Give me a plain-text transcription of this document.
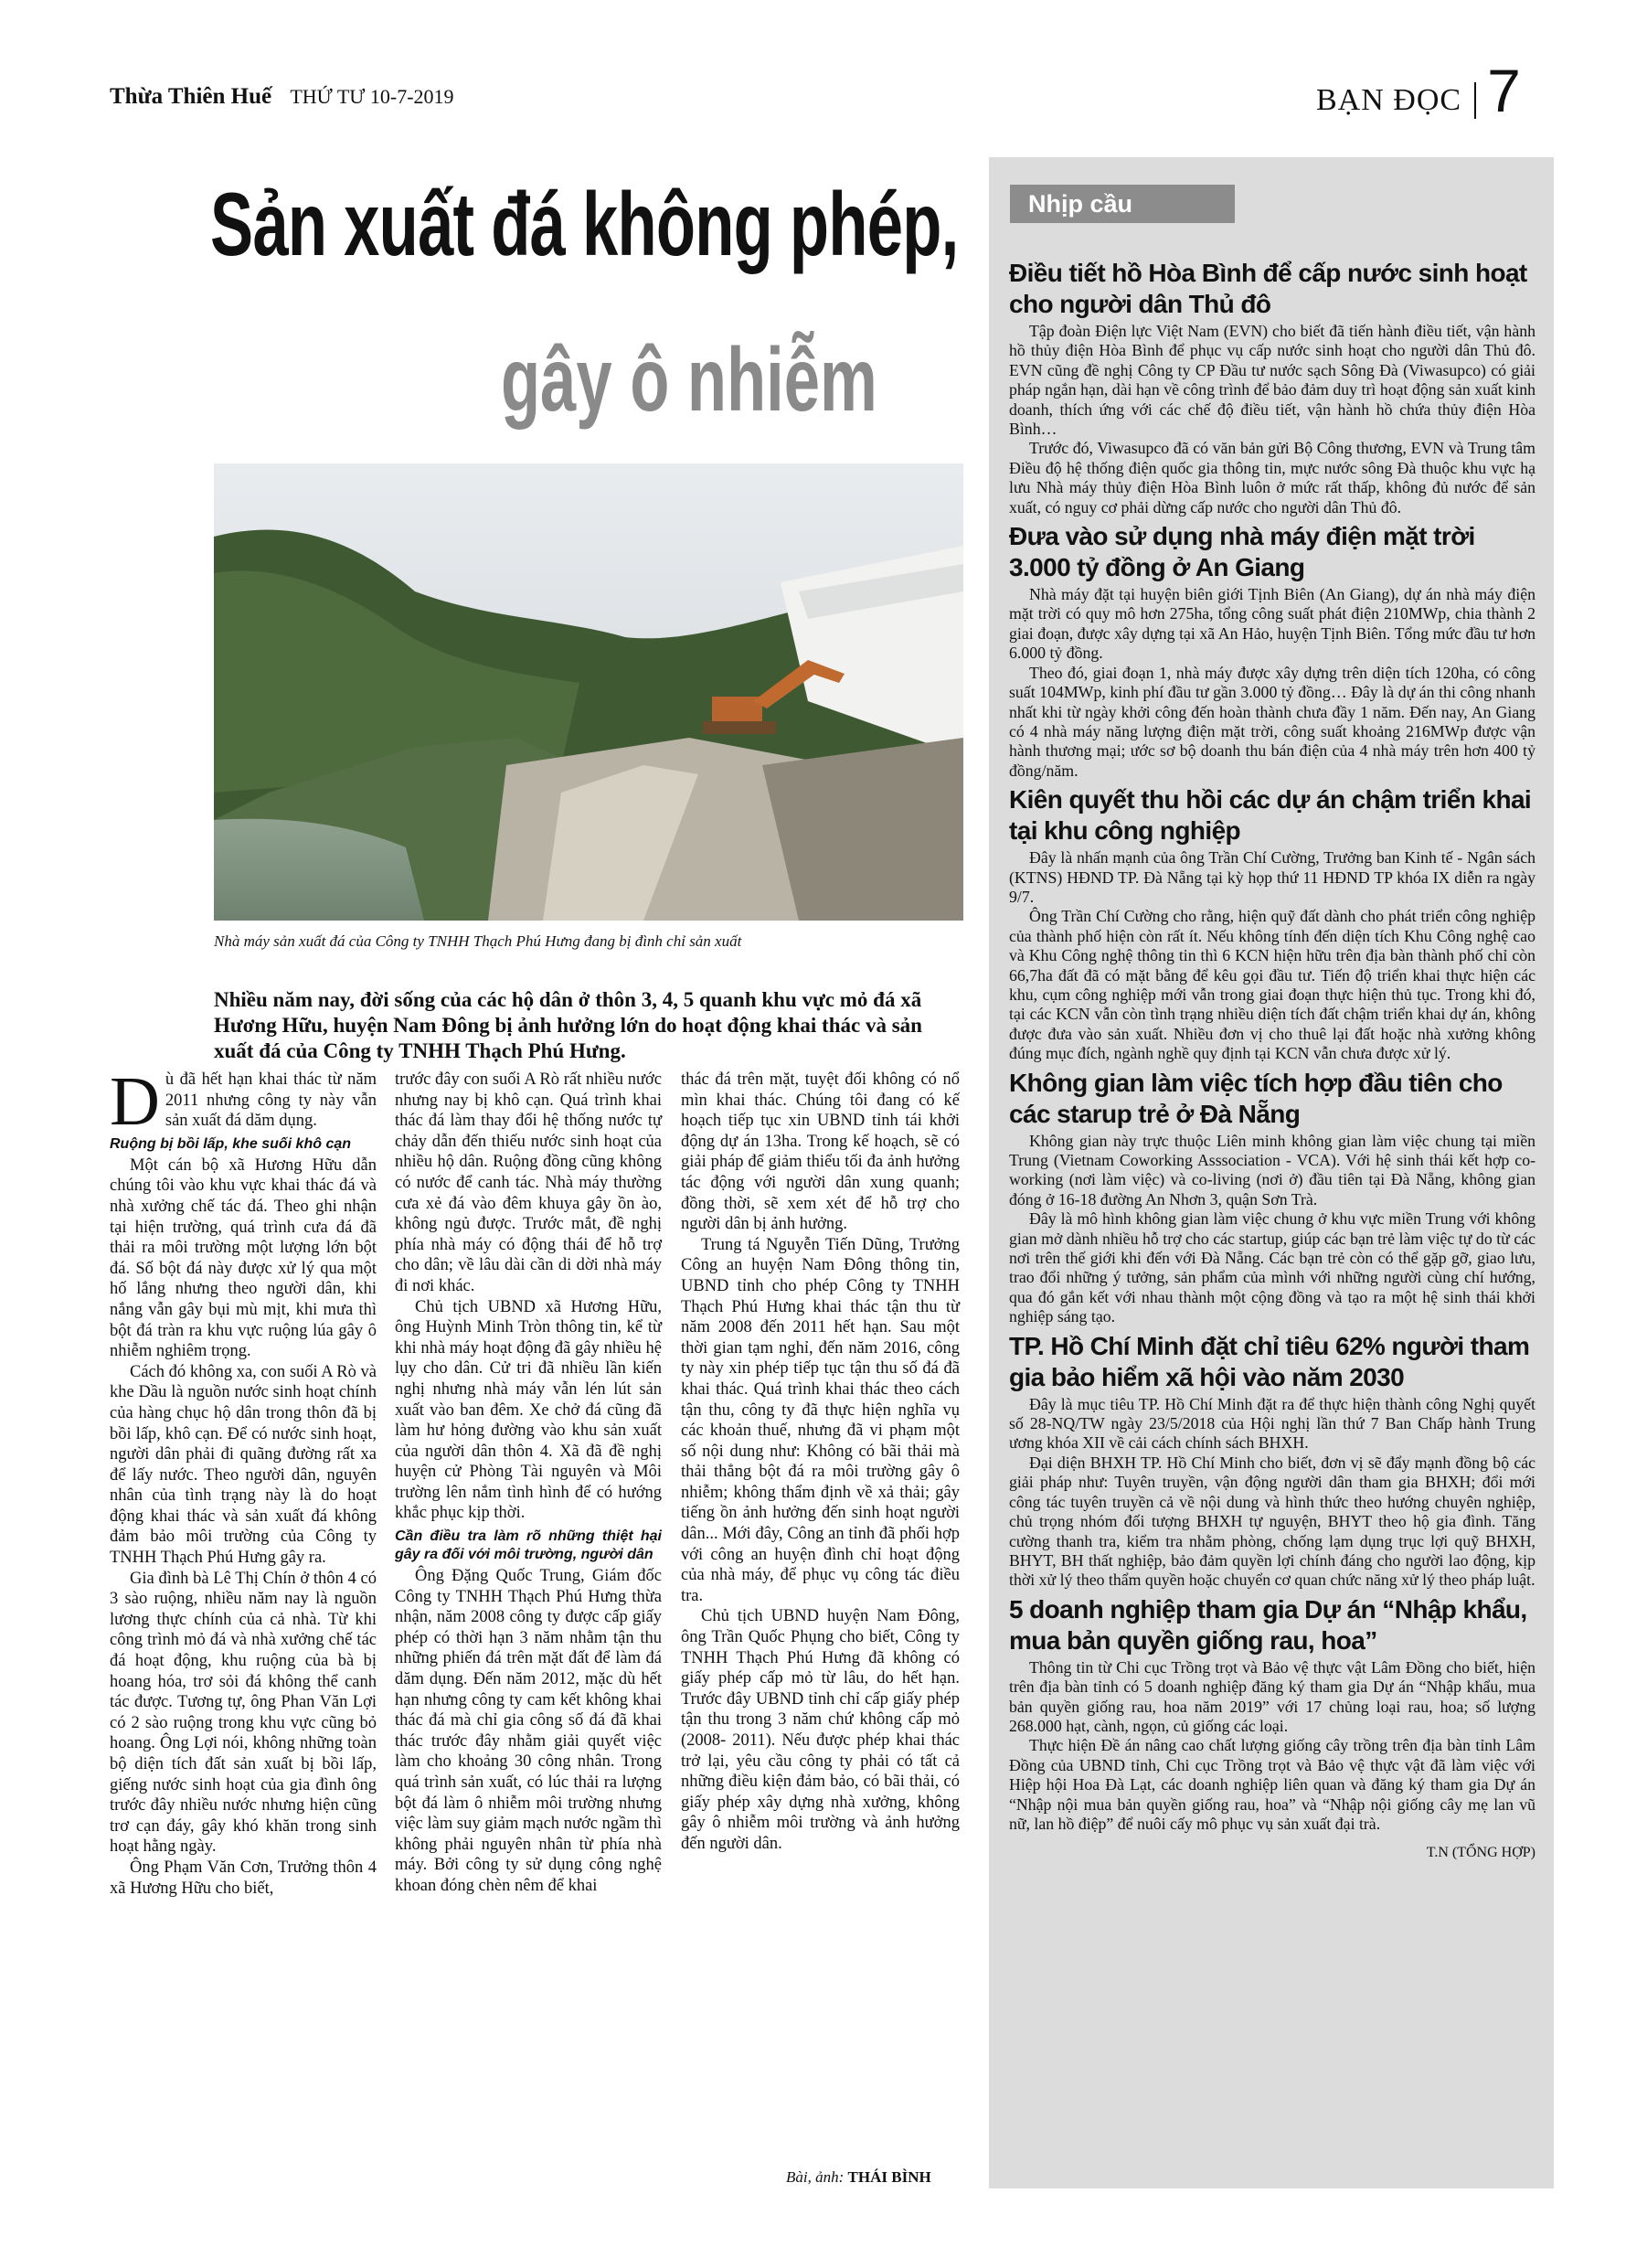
Thừa Thiên Huế THỨ TƯ 10-7-2019	BẠN ĐỌC 7
Sản xuất đá không phép,
gây ô nhiễm
Nhà máy sản xuất đá của Công ty TNHH Thạch Phú Hưng đang bị đình chỉ sản xuất
Nhiều năm nay, đời sống của các hộ dân ở thôn 3, 4, 5 quanh khu vực mỏ đá xã Hương Hữu, huyện Nam Đông bị ảnh hưởng lớn do hoạt động khai thác và sản xuất đá của Công ty TNHH Thạch Phú Hưng.
D ù đã hết hạn khai thác từ năm 2011 nhưng công ty này vẫn sản xuất đá dăm dụng.

Ruộng bị bồi lấp, khe suối khô cạn

Một cán bộ xã Hương Hữu dẫn chúng tôi vào khu vực khai thác đá và nhà xưởng chế tác đá. Theo ghi nhận tại hiện trường, quá trình cưa đá đã thải ra môi trường một lượng lớn bột đá. Số bột đá này được xử lý qua một hố lắng nhưng theo người dân, khi nắng vẫn gây bụi mù mịt, khi mưa thì bột đá tràn ra khu vực ruộng lúa gây ô nhiễm nghiêm trọng.

Cách đó không xa, con suối A Rò và khe Dầu là nguồn nước sinh hoạt chính của hàng chục hộ dân trong thôn đã bị bồi lấp, khô cạn. Để có nước sinh hoạt, người dân phải đi quãng đường rất xa để lấy nước. Theo người dân, nguyên nhân của tình trạng này là do hoạt động khai thác và sản xuất đá không đảm bảo môi trường của Công ty TNHH Thạch Phú Hưng gây ra.

Gia đình bà Lê Thị Chín ở thôn 4 có 3 sào ruộng, nhiều năm nay là nguồn lương thực chính của cả nhà. Từ khi công trình mỏ đá và nhà xưởng chế tác đá hoạt động, khu ruộng của bà bị hoang hóa, trơ sỏi đá không thể canh tác được. Tương tự, ông Phan Văn Lợi có 2 sào ruộng trong khu vực cũng bỏ hoang. Ông Lợi nói, không những toàn bộ diện tích đất sản xuất bị bồi lấp, giếng nước sinh hoạt của gia đình ông trước đây nhiều nước nhưng hiện cũng trơ cạn đáy, gây khó khăn trong sinh hoạt hằng ngày.

Ông Phạm Văn Cơn, Trưởng thôn 4 xã Hương Hữu cho biết,

trước đây con suối A Rò rất nhiều nước nhưng nay bị khô cạn. Quá trình khai thác đá làm thay đổi hệ thống nước tự chảy dẫn đến thiếu nước sinh hoạt của nhiều hộ dân. Ruộng đồng cũng không có nước để canh tác. Nhà máy thường cưa xẻ đá vào đêm khuya gây ồn ào, không ngủ được. Trước mắt, đề nghị phía nhà máy có động thái để hỗ trợ cho dân; về lâu dài cần di dời nhà máy đi nơi khác.

Chủ tịch UBND xã Hương Hữu, ông Huỳnh Minh Tròn thông tin, kể từ khi nhà máy hoạt động đã gây nhiều hệ lụy cho dân. Cử tri đã nhiều lần kiến nghị nhưng nhà máy vẫn lén lút sản xuất vào ban đêm. Xe chở đá cũng đã làm hư hỏng đường vào khu sản xuất của người dân thôn 4. Xã đã đề nghị huyện cử Phòng Tài nguyên và Môi trường lên nắm tình hình để có hướng khắc phục kịp thời.

Cần điều tra làm rõ những thiệt hại gây ra đối với môi trường, người dân

Ông Đặng Quốc Trung, Giám đốc Công ty TNHH Thạch Phú Hưng thừa nhận, năm 2008 công ty được cấp giấy phép có thời hạn 3 năm nhằm tận thu những phiến đá trên mặt đất để làm đá dăm dụng. Đến năm 2012, mặc dù hết hạn nhưng công ty cam kết không khai thác đá mà chỉ gia công số đá đã khai thác trước đây nhằm giải quyết việc làm cho khoảng 30 công nhân. Trong quá trình sản xuất, có lúc thải ra lượng bột đá làm ô nhiễm môi trường nhưng việc làm suy giảm mạch nước ngầm thì không phải nguyên nhân từ phía nhà máy. Bởi công ty sử dụng công nghệ khoan đóng chèn nêm để khai

thác đá trên mặt, tuyệt đối không có nổ mìn khai thác. Chúng tôi đang có kế hoạch tiếp tục xin UBND tỉnh tái khởi động dự án 13ha. Trong kế hoạch, sẽ có giải pháp để giảm thiểu tối đa ảnh hưởng tác động với người dân xung quanh; đồng thời, sẽ xem xét để hỗ trợ cho người dân bị ảnh hưởng.

Trung tá Nguyễn Tiến Dũng, Trưởng Công an huyện Nam Đông thông tin, UBND tỉnh cho phép Công ty TNHH Thạch Phú Hưng khai thác tận thu từ năm 2008 đến 2011 hết hạn. Sau một thời gian tạm nghỉ, đến năm 2016, công ty này xin phép tiếp tục tận thu số đá đã khai thác. Quá trình khai thác theo cách tận thu, công ty đã thực hiện nghĩa vụ các khoản thuế, nhưng đã vi phạm một số nội dung như: Không có bãi thải mà thải thẳng bột đá ra môi trường gây ô nhiễm; không thẩm định về xả thải; gây tiếng ồn ảnh hưởng đến sinh hoạt người dân... Mới đây, Công an tỉnh đã phối hợp với công an huyện đình chỉ hoạt động của nhà máy, để phục vụ công tác điều tra.

Chủ tịch UBND huyện Nam Đông, ông Trần Quốc Phụng cho biết, Công ty TNHH Thạch Phú Hưng đã không có giấy phép cấp mỏ từ lâu, do hết hạn. Trước đây UBND tỉnh chỉ cấp giấy phép tận thu trong 3 năm chứ không cấp mỏ (2008- 2011). Nếu được phép khai thác trở lại, yêu cầu công ty phải có tất cả những điều kiện đảm bảo, có bãi thải, có giấy phép xây dựng nhà xưởng, không gây ô nhiễm môi trường và ảnh hưởng đến người dân.

Bài, ảnh: THÁI BÌNH
Nhịp cầu
Điều tiết hồ Hòa Bình để cấp nước sinh hoạt cho người dân Thủ đô

Tập đoàn Điện lực Việt Nam (EVN) cho biết đã tiến hành điều tiết, vận hành hồ thủy điện Hòa Bình để phục vụ cấp nước sinh hoạt cho người dân Thủ đô. EVN cũng đề nghị Công ty CP Đầu tư nước sạch Sông Đà (Viwasupco) có giải pháp ngắn hạn, dài hạn về công trình để bảo đảm duy trì hoạt động sản xuất kinh doanh, thích ứng với các chế độ điều tiết, vận hành hồ chứa thủy điện Hòa Bình…

Trước đó, Viwasupco đã có văn bản gửi Bộ Công thương, EVN và Trung tâm Điều độ hệ thống điện quốc gia thông tin, mực nước sông Đà thuộc khu vực hạ lưu Nhà máy thủy điện Hòa Bình luôn ở mức rất thấp, không đủ nước để sản xuất, có nguy cơ phải dừng cấp nước cho người dân Thủ đô.

Đưa vào sử dụng nhà máy điện mặt trời 3.000 tỷ đồng ở An Giang

Nhà máy đặt tại huyện biên giới Tịnh Biên (An Giang), dự án nhà máy điện mặt trời có quy mô hơn 275ha, tổng công suất phát điện 210MWp, chia thành 2 giai đoạn, được xây dựng tại xã An Hảo, huyện Tịnh Biên. Tổng mức đầu tư hơn 6.000 tỷ đồng.

Theo đó, giai đoạn 1, nhà máy được xây dựng trên diện tích 120ha, có công suất 104MWp, kinh phí đầu tư gần 3.000 tỷ đồng… Đây là dự án thi công nhanh nhất khi từ ngày khởi công đến hoàn thành chưa đầy 1 năm. Đến nay, An Giang có 4 nhà máy năng lượng điện mặt trời, công suất khoảng 216MWp được vận hành thương mại; ước sơ bộ doanh thu bán điện của 4 nhà máy trên hơn 400 tỷ đồng/năm.

Kiên quyết thu hồi các dự án chậm triển khai tại khu công nghiệp

Đây là nhấn mạnh của ông Trần Chí Cường, Trưởng ban Kinh tế - Ngân sách (KTNS) HĐND TP. Đà Nẵng tại kỳ họp thứ 11 HĐND TP khóa IX diễn ra ngày 9/7.

Ông Trần Chí Cường cho rằng, hiện quỹ đất dành cho phát triển công nghiệp của thành phố hiện còn rất ít. Nếu không tính đến diện tích Khu Công nghệ cao và Khu Công nghệ thông tin thì 6 KCN hiện hữu trên địa bàn thành phố chỉ còn 66,7ha đất đã có mặt bằng để kêu gọi đầu tư. Tiến độ triển khai thực hiện các khu, cụm công nghiệp mới vẫn trong giai đoạn thực hiện thủ tục. Trong khi đó, tại các KCN vẫn còn tình trạng nhiều diện tích đất chậm triển khai dự án, không được đưa vào sản xuất. Nhiều đơn vị cho thuê lại đất hoặc nhà xưởng không đúng mục đích, ngành nghề quy định tại KCN vẫn chưa được xử lý.

Không gian làm việc tích hợp đầu tiên cho các starup trẻ ở Đà Nẵng

Không gian này trực thuộc Liên minh không gian làm việc chung tại miền Trung (Vietnam Coworking Asssociation - VCA). Với hệ sinh thái kết hợp co-working (nơi làm việc) và co-living (nơi ở) đầu tiên tại Đà Nẵng, không gian đóng ở 16-18 đường An Nhơn 3, quận Sơn Trà.

Đây là mô hình không gian làm việc chung ở khu vực miền Trung với không gian mở dành nhiều hỗ trợ cho các startup, giúp các bạn trẻ làm việc tự do từ các nơi trên thế giới khi đến với Đà Nẵng. Các bạn trẻ còn có thể gặp gỡ, giao lưu, trao đổi những ý tưởng, sản phẩm của mình với những người cùng chí hướng, qua đó gắn kết với nhau thành một cộng đồng và tạo ra một hệ sinh thái khởi nghiệp sáng tạo.

TP. Hồ Chí Minh đặt chỉ tiêu 62% người tham gia bảo hiểm xã hội vào năm 2030

Đây là mục tiêu TP. Hồ Chí Minh đặt ra để thực hiện thành công Nghị quyết số 28-NQ/TW ngày 23/5/2018 của Hội nghị lần thứ 7 Ban Chấp hành Trung ương khóa XII về cải cách chính sách BHXH.

Đại diện BHXH TP. Hồ Chí Minh cho biết, đơn vị sẽ đẩy mạnh đồng bộ các giải pháp như: Tuyên truyền, vận động người dân tham gia BHXH; đổi mới công tác tuyên truyền cả về nội dung và hình thức theo hướng chuyên nghiệp, chủ trọng nhóm đối tượng BHXH tự nguyện, BHYT theo hộ gia đình. Tăng cường thanh tra, kiểm tra nhằm phòng, chống lạm dụng trục lợi quỹ BHXH, BHYT, BH thất nghiệp, bảo đảm quyền lợi chính đáng cho người lao động, kịp thời xử lý theo thẩm quyền hoặc chuyển cơ quan chức năng xử lý theo pháp luật.

5 doanh nghiệp tham gia Dự án “Nhập khẩu, mua bản quyền giống rau, hoa”

Thông tin từ Chi cục Trồng trọt và Bảo vệ thực vật Lâm Đồng cho biết, hiện trên địa bàn tỉnh có 5 doanh nghiệp đăng ký tham gia Dự án “Nhập khẩu, mua bản quyền giống rau, hoa năm 2019” với 17 chủng loại rau, hoa; số lượng 268.000 hạt, cành, ngọn, củ giống các loại.

Thực hiện Đề án nâng cao chất lượng giống cây trồng trên địa bàn tỉnh Lâm Đồng của UBND tỉnh, Chi cục Trồng trọt và Bảo vệ thực vật đã làm việc với Hiệp hội Hoa Đà Lạt, các doanh nghiệp liên quan và đăng ký tham gia Dự án “Nhập nội mua bản quyền giống rau, hoa” và “Nhập nội giống cây mẹ lan vũ nữ, lan hồ điệp” để nuôi cấy mô phục vụ sản xuất đại trà.

T.N (TỔNG HỢP)
